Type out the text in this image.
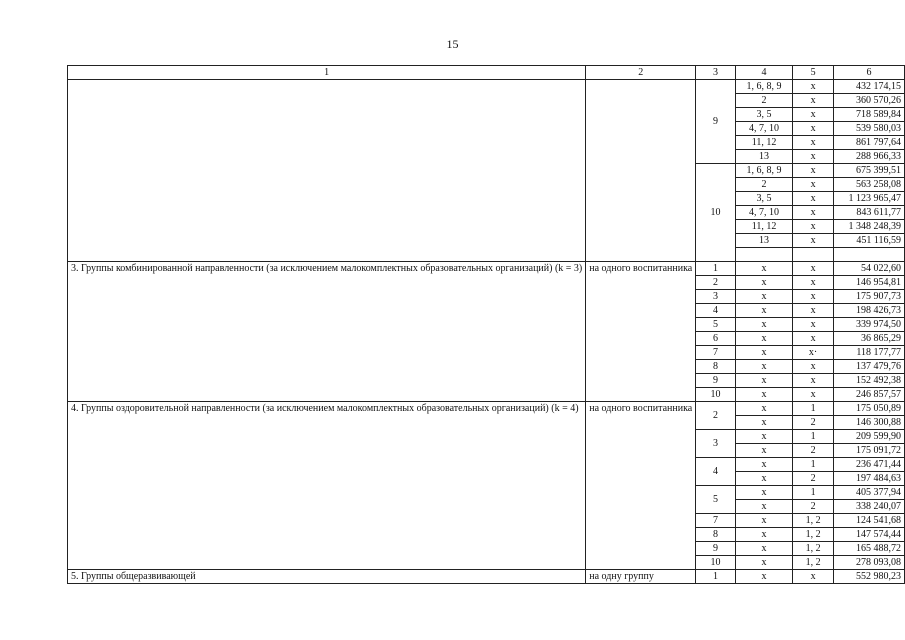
15
1	2	3	4	5	6
		9	1, 6, 8, 9	x	432 174,15
			2	x	360 570,26
			3, 5	x	718 589,84
			4, 7, 10	x	539 580,03
			11, 12	x	861 797,64
			13	x	288 966,33
		10	1, 6, 8, 9	x	675 399,51
			2	x	563 258,08
			3, 5	x	1 123 965,47
			4, 7, 10	x	843 611,77
			11, 12	x	1 348 248,39
			13	x	451 116,59

3. Группы комбинированной направленности (за исключением малокомплектных образовательных организаций) (k = 3)	на одного воспитанника	1	x	x	54 022,60
		2	x	x	146 954,81
		3	x	x	175 907,73
		4	x	x	198 426,73
		5	x	x	339 974,50
		6	x	x	36 865,29
		7	x	x·	118 177,77
		8	x	x	137 479,76
		9	x	x	152 492,38
		10	x	x	246 857,57
4. Группы оздоровительной направленности (за исключением малокомплектных образовательных организаций) (k = 4)	на одного воспитанника	2	x	1	175 050,89
			x	2	146 300,88
		3	x	1	209 599,90
			x	2	175 091,72
		4	x	1	236 471,44
			x	2	197 484,63
		5	x	1	405 377,94
			x	2	338 240,07
		7	x	1, 2	124 541,68
		8	x	1, 2	147 574,44
		9	x	1, 2	165 488,72
		10	x	1, 2	278 093,08
5. Группы общеразвивающей	на одну группу	1	x	x	552 980,23
